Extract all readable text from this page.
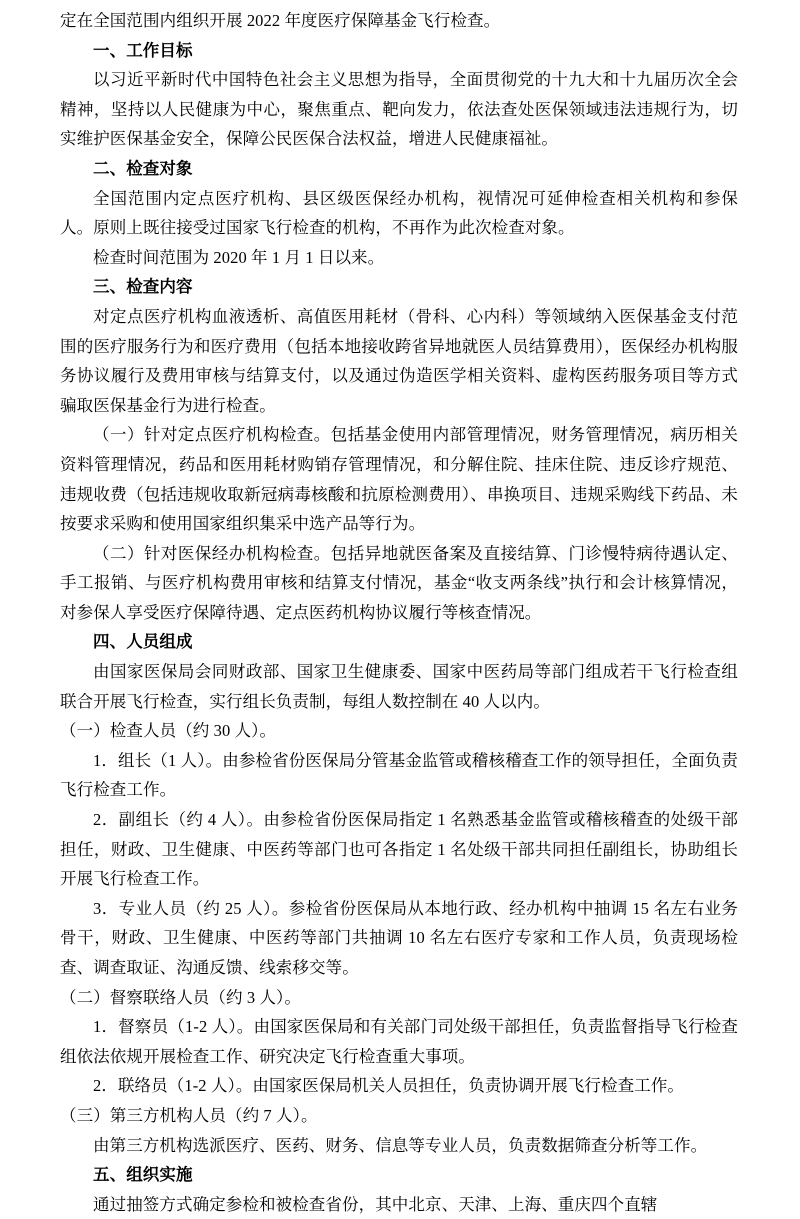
定在全国范围内组织开展 2022 年度医疗保障基金飞行检查。

一、工作目标

以习近平新时代中国特色社会主义思想为指导，全面贯彻党的十九大和十九届历次全会精神，坚持以人民健康为中心，聚焦重点、靶向发力，依法查处医保领域违法违规行为，切实维护医保基金安全，保障公民医保合法权益，增进人民健康福祉。

二、检查对象

全国范围内定点医疗机构、县区级医保经办机构，视情况可延伸检查相关机构和参保人。原则上既往接受过国家飞行检查的机构，不再作为此次检查对象。

检查时间范围为 2020 年 1 月 1 日以来。

三、检查内容

对定点医疗机构血液透析、高值医用耗材（骨科、心内科）等领域纳入医保基金支付范围的医疗服务行为和医疗费用（包括本地接收跨省异地就医人员结算费用），医保经办机构服务协议履行及费用审核与结算支付，以及通过伪造医学相关资料、虚构医药服务项目等方式骗取医保基金行为进行检查。

（一）针对定点医疗机构检查。包括基金使用内部管理情况，财务管理情况，病历相关资料管理情况，药品和医用耗材购销存管理情况，和分解住院、挂床住院、违反诊疗规范、违规收费（包括违规收取新冠病毒核酸和抗原检测费用）、串换项目、违规采购线下药品、未按要求采购和使用国家组织集采中选产品等行为。

（二）针对医保经办机构检查。包括异地就医备案及直接结算、门诊慢特病待遇认定、手工报销、与医疗机构费用审核和结算支付情况，基金“收支两条线”执行和会计核算情况，对参保人享受医疗保障待遇、定点医药机构协议履行等核查情况。

四、人员组成

由国家医保局会同财政部、国家卫生健康委、国家中医药局等部门组成若干飞行检查组联合开展飞行检查，实行组长负责制，每组人数控制在 40 人以内。

（一）检查人员（约 30 人）。

1．组长（1 人）。由参检省份医保局分管基金监管或稽核稽查工作的领导担任，全面负责飞行检查工作。

2．副组长（约 4 人）。由参检省份医保局指定 1 名熟悉基金监管或稽核稽查的处级干部担任，财政、卫生健康、中医药等部门也可各指定 1 名处级干部共同担任副组长，协助组长开展飞行检查工作。

3．专业人员（约 25 人）。参检省份医保局从本地行政、经办机构中抽调 15 名左右业务骨干，财政、卫生健康、中医药等部门共抽调 10 名左右医疗专家和工作人员，负责现场检查、调查取证、沟通反馈、线索移交等。

（二）督察联络人员（约 3 人）。

1．督察员（1-2 人）。由国家医保局和有关部门司处级干部担任，负责监督指导飞行检查组依法依规开展检查工作、研究决定飞行检查重大事项。

2．联络员（1-2 人）。由国家医保局机关人员担任，负责协调开展飞行检查工作。

（三）第三方机构人员（约 7 人）。

由第三方机构选派医疗、医药、财务、信息等专业人员，负责数据筛查分析等工作。

五、组织实施

通过抽签方式确定参检和被检查省份，其中北京、天津、上海、重庆四个直辖
